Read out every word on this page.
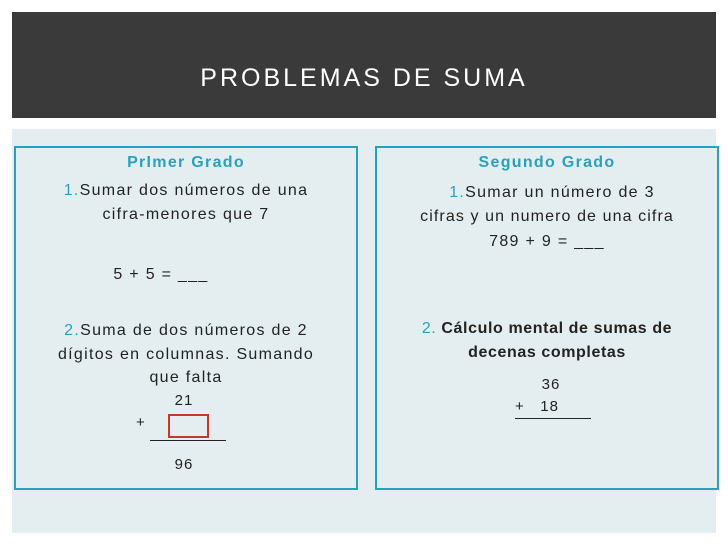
PROBLEMAS DE SUMA
PrImer Grado
1.Sumar dos números de una
cifra-menores que 7
5 + 5 = ___
2.Suma de dos números de 2
dígitos en columnas. Sumando
que falta
21
+
96
Segundo Grado
1.Sumar un número de 3
cifras y un numero de una cifra
789 + 9 = ___
2. Cálculo mental de sumas de
decenas completas
36
+   18
